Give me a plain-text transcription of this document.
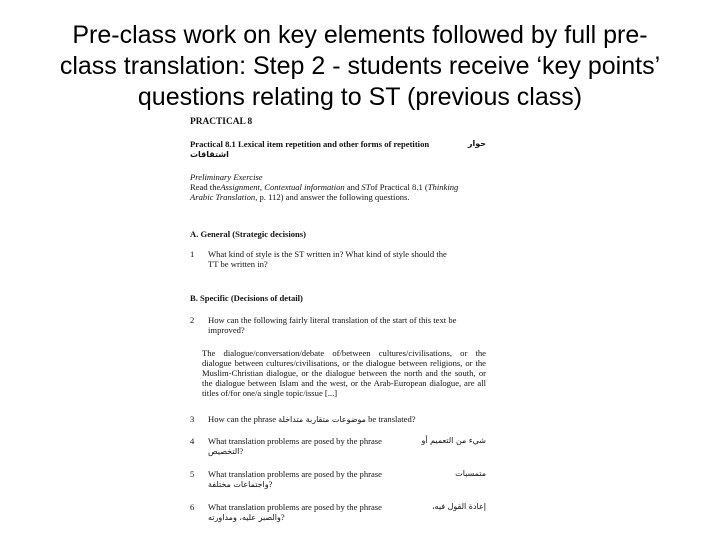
Pre-class work on key elements followed by full pre-
class translation: Step 2 - students receive ‘key points’
questions relating to ST (previous class)
PRACTICAL 8
Practical 8.1 Lexical item repetition and other forms of repetition	حوار
اشتقاقات
Preliminary Exercise
Read theAssignment, Contextual information and STof Practical 8.1 (Thinking
Arabic Translation, p. 112) and answer the following questions.
A. General (Strategic decisions)
1	What kind of style is the ST written in? What kind of style should the
TT be written in?
B. Specific (Decisions of detail)
2	How can the following fairly literal translation of the start of this text be
improved?
The dialogue/conversation/debate of/between cultures/civilisations, or the dialogue between cultures/civilisations, or the dialogue between religions, or the Muslim-Christian dialogue, or the dialogue between the north and the south, or the dialogue between Islam and the west, or the Arab-European dialogue, are all titles of/for one/a single topic/issue [...]
3	How can the phrase موضوعات متقاربة متداخلة be translated?
4	What translation problems are posed by the phrase	شيء من التعميم أو
التخصيص?
5	What translation problems are posed by the phrase	متمسبات
واجتماعات مختلفة?
6	What translation problems are posed by the phrase	إعادة القول فيه،
والصبر عليه، ومداورته?
